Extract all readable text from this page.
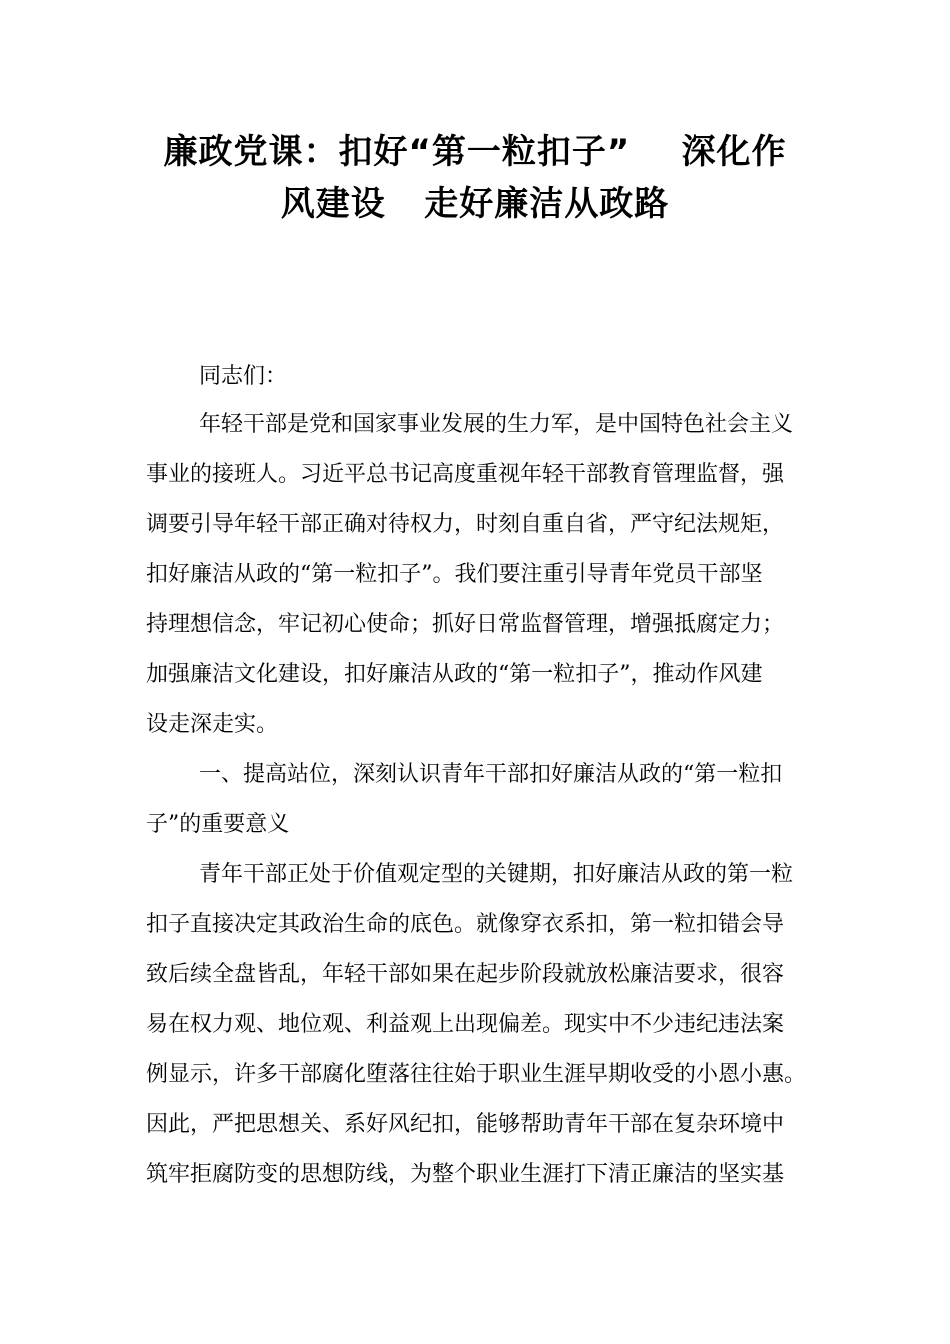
廉政党课：扣好“第一粒扣子”    深化作
风建设   走好廉洁从政路
同志们：
年轻干部是党和国家事业发展的生力军，是中国特色社会主义
事业的接班人。习近平总书记高度重视年轻干部教育管理监督，强
调要引导年轻干部正确对待权力，时刻自重自省，严守纪法规矩，
扣好廉洁从政的“第一粒扣子”。我们要注重引导青年党员干部坚
持理想信念，牢记初心使命；抓好日常监督管理，增强抵腐定力；
加强廉洁文化建设，扣好廉洁从政的“第一粒扣子”，推动作风建
设走深走实。
一、提高站位，深刻认识青年干部扣好廉洁从政的“第一粒扣
子”的重要意义
青年干部正处于价值观定型的关键期，扣好廉洁从政的第一粒
扣子直接决定其政治生命的底色。就像穿衣系扣，第一粒扣错会导
致后续全盘皆乱，年轻干部如果在起步阶段就放松廉洁要求，很容
易在权力观、地位观、利益观上出现偏差。现实中不少违纪违法案
例显示，许多干部腐化堕落往往始于职业生涯早期收受的小恩小惠。
因此，严把思想关、系好风纪扣，能够帮助青年干部在复杂环境中
筑牢拒腐防变的思想防线，为整个职业生涯打下清正廉洁的坚实基
